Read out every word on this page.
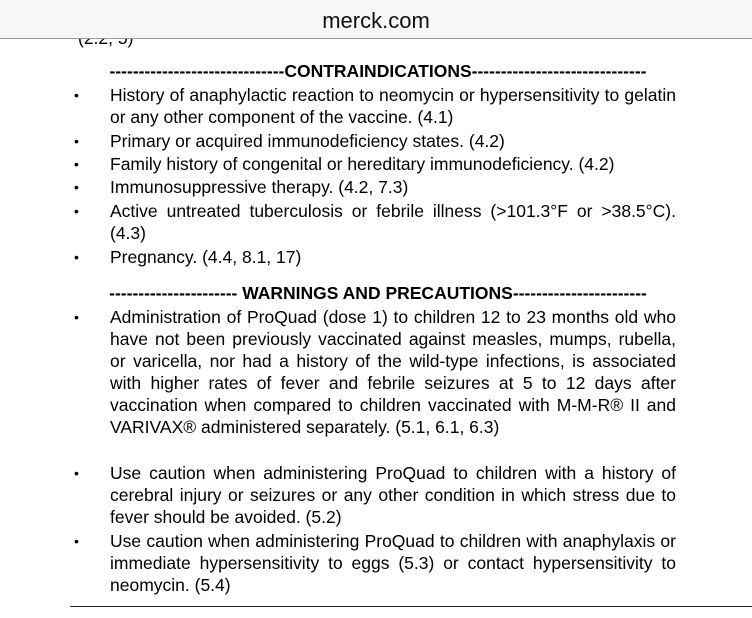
merck.com
------------------------------CONTRAINDICATIONS------------------------------
• History of anaphylactic reaction to neomycin or hypersensitivity to gelatin or any other component of the vaccine. (4.1)
• Primary or acquired immunodeficiency states. (4.2)
• Family history of congenital or hereditary immunodeficiency. (4.2)
• Immunosuppressive therapy. (4.2, 7.3)
• Active untreated tuberculosis or febrile illness (>101.3°F or >38.5°C). (4.3)
• Pregnancy. (4.4, 8.1, 17)
---------------------- WARNINGS AND PRECAUTIONS-----------------------
• Administration of ProQuad (dose 1) to children 12 to 23 months old who have not been previously vaccinated against measles, mumps, rubella, or varicella, nor had a history of the wild-type infections, is associated with higher rates of fever and febrile seizures at 5 to 12 days after vaccination when compared to children vaccinated with M-M-R® II and VARIVAX® administered separately. (5.1, 6.1, 6.3)
• Use caution when administering ProQuad to children with a history of cerebral injury or seizures or any other condition in which stress due to fever should be avoided. (5.2)
• Use caution when administering ProQuad to children with anaphylaxis or immediate hypersensitivity to eggs (5.3) or contact hypersensitivity to neomycin. (5.4)
